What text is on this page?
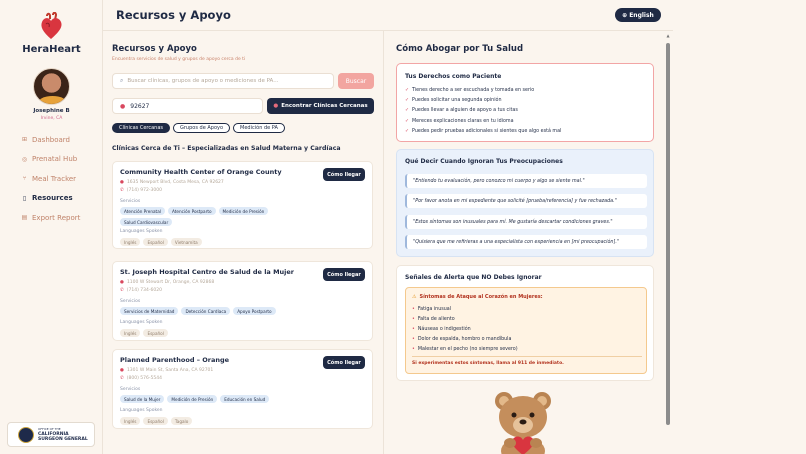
HeraHeart
Josephine B
Irvine, CA
⊞ Dashboard
◎ Prenatal Hub
⑂ Meal Tracker
▯ Resources
▤ Export Report
OFFICE OF THE
CALIFORNIA
SURGEON GENERAL
Recursos y Apoyo	⊕ English
Recursos y Apoyo
Encuentra servicios de salud y grupos de apoyo cerca de ti
⌕ Buscar clínicas, grupos de apoyo o mediciones de PA...	Buscar
● 92627	● Encontrar Clínicas Cercanas
Clínicas Cercanas	Grupos de Apoyo	Medición de PA
Clínicas Cerca de Ti – Especializadas en Salud Materna y Cardíaca
Community Health Center of Orange County	Cómo llegar
● 1635 Newport Blvd, Costa Mesa, CA 92627
✆ (714) 972-3000
Servicios
Atención Prenatal	Atención Postparto	Medición de Presión
Salud Cardiovascular
Languages Spoken
Inglés	Español	Vietnamita
St. Joseph Hospital Centro de Salud de la Mujer	Cómo llegar
● 1100 W Stewart Dr, Orange, CA 92868
✆ (714) 734-6020
Servicios
Servicios de Maternidad	Detección Cardíaca	Apoyo Postparto
Languages Spoken
Inglés	Español
Planned Parenthood – Orange	Cómo llegar
● 1301 W Main St, Santa Ana, CA 92701
✆ (800) 576-5544
Servicios
Salud de la Mujer	Medición de Presión	Educación en Salud
Languages Spoken
Inglés	Español	Tagalo
Cómo Abogar por Tu Salud
Tus Derechos como Paciente
✓ Tienes derecho a ser escuchada y tomada en serio
✓ Puedes solicitar una segunda opinión
✓ Puedes llevar a alguien de apoyo a tus citas
✓ Mereces explicaciones claras en tu idioma
✓ Puedes pedir pruebas adicionales si sientes que algo está mal
Qué Decir Cuando Ignoran Tus Preocupaciones
"Entiendo tu evaluación, pero conozco mi cuerpo y algo se siente mal."
"Por favor anota en mi expediente que solicité [prueba/referencia] y fue rechazada."
"Estos síntomas son inusuales para mí. Me gustaría descartar condiciones graves."
"Quisiera que me refirieras a una especialista con experiencia en [mi preocupación]."
Señales de Alerta que NO Debes Ignorar
⚠ Síntomas de Ataque al Corazón en Mujeres:
• Fatiga inusual
• Falta de aliento
• Náuseas o indigestión
• Dolor de espalda, hombro o mandíbula
• Malestar en el pecho (no siempre severo)
Si experimentas estos síntomas, llama al 911 de inmediato.
▲
